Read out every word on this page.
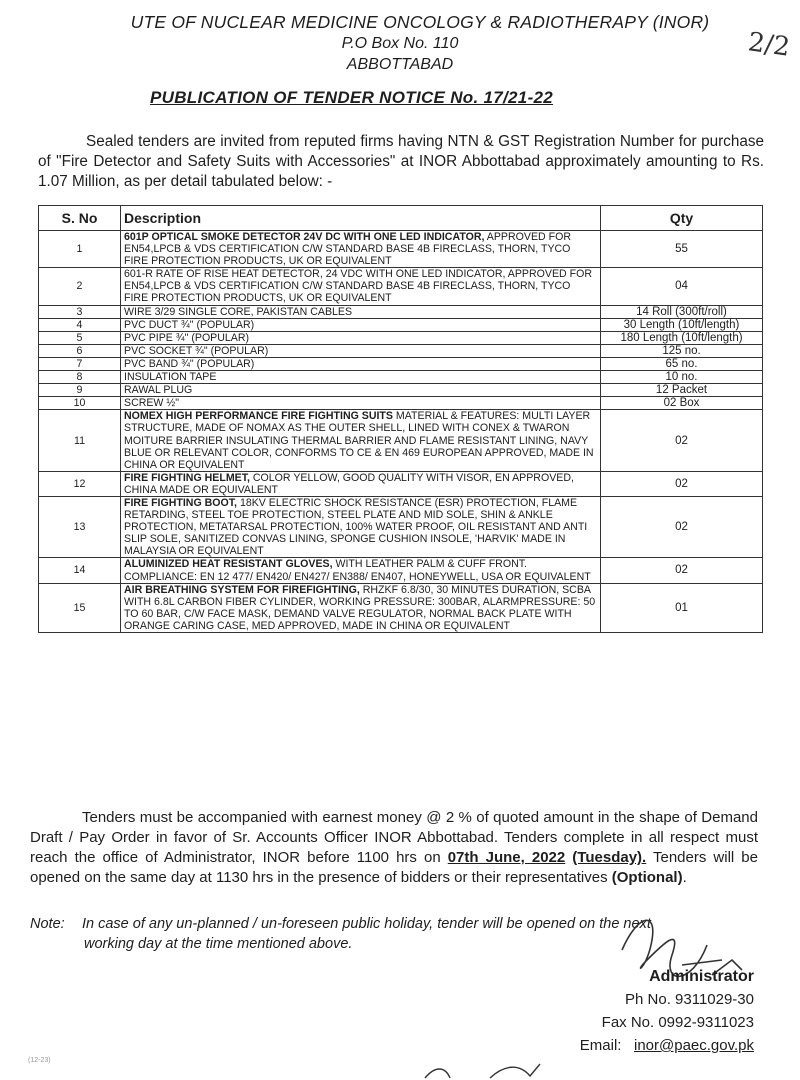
UTE OF NUCLEAR MEDICINE ONCOLOGY & RADIOTHERAPY (INOR)
P.O Box No. 110
ABBOTTABAD
2/2
PUBLICATION OF TENDER NOTICE No. 17/21-22

Sealed tenders are invited from reputed firms having NTN & GST Registration Number for purchase of "Fire Detector and Safety Suits with Accessories" at INOR Abbottabad approximately amounting to Rs. 1.07 Million, as per detail tabulated below: -

S. No	Description	Qty
1	601P OPTICAL SMOKE DETECTOR 24V DC WITH ONE LED INDICATOR, APPROVED FOR EN54,LPCB & VDS CERTIFICATION C/W STANDARD BASE 4B FIRECLASS, THORN, TYCO FIRE PROTECTION PRODUCTS, UK OR EQUIVALENT	55
2	601-R RATE OF RISE HEAT DETECTOR, 24 VDC WITH ONE LED INDICATOR, APPROVED FOR EN54,LPCB & VDS CERTIFICATION C/W STANDARD BASE 4B FIRECLASS, THORN, TYCO FIRE PROTECTION PRODUCTS, UK OR EQUIVALENT	04
3	WIRE 3/29 SINGLE CORE, PAKISTAN CABLES	14 Roll (300ft/roll)
4	PVC DUCT ¾" (POPULAR)	30 Length (10ft/length)
5	PVC PIPE ¾" (POPULAR)	180 Length (10ft/length)
6	PVC SOCKET ¾" (POPULAR)	125 no.
7	PVC BAND ¾" (POPULAR)	65 no.
8	INSULATION TAPE	10 no.
9	RAWAL PLUG	12 Packet
10	SCREW ½"	02 Box
11	NOMEX HIGH PERFORMANCE FIRE FIGHTING SUITS MATERIAL & FEATURES: MULTI LAYER STRUCTURE, MADE OF NOMAX AS THE OUTER SHELL, LINED WITH CONEX & TWARON MOITURE BARRIER INSULATING THERMAL BARRIER AND FLAME RESISTANT LINING, NAVY BLUE OR RELEVANT COLOR, CONFORMS TO CE & EN 469 EUROPEAN APPROVED, MADE IN CHINA OR EQUIVALENT	02
12	FIRE FIGHTING HELMET, COLOR YELLOW, GOOD QUALITY WITH VISOR, EN APPROVED, CHINA MADE OR EQUIVALENT	02
13	FIRE FIGHTING BOOT, 18KV ELECTRIC SHOCK RESISTANCE (ESR) PROTECTION, FLAME RETARDING, STEEL TOE PROTECTION, STEEL PLATE AND MID SOLE, SHIN & ANKLE PROTECTION, METATARSAL PROTECTION, 100% WATER PROOF, OIL RESISTANT AND ANTI SLIP SOLE, SANITIZED CONVAS LINING, SPONGE CUSHION INSOLE, 'HARVIK' MADE IN MALAYSIA OR EQUIVALENT	02
14	ALUMINIZED HEAT RESISTANT GLOVES, WITH LEATHER PALM & CUFF FRONT. COMPLIANCE: EN 12 477/ EN420/ EN427/ EN388/ EN407, HONEYWELL, USA OR EQUIVALENT	02
15	AIR BREATHING SYSTEM FOR FIREFIGHTING, RHZKF 6.8/30, 30 MINUTES DURATION, SCBA WITH 6.8L CARBON FIBER CYLINDER, WORKING PRESSURE: 300BAR, ALARMPRESSURE: 50 TO 60 BAR, C/W FACE MASK, DEMAND VALVE REGULATOR, NORMAL BACK PLATE WITH ORANGE CARING CASE, MED APPROVED, MADE IN CHINA OR EQUIVALENT	01

Tenders must be accompanied with earnest money @ 2 % of quoted amount in the shape of Demand Draft / Pay Order in favor of Sr. Accounts Officer INOR Abbottabad. Tenders complete in all respect must reach the office of Administrator, INOR before 1100 hrs on 07th June, 2022 (Tuesday). Tenders will be opened on the same day at 1130 hrs in the presence of bidders or their representatives (Optional).

Note: In case of any un-planned / un-foreseen public holiday, tender will be opened on the next
working day at the time mentioned above.

Administrator
Ph No. 9311029-30
Fax No. 0992-9311023
Email: inor@paec.gov.pk
(12-23)
